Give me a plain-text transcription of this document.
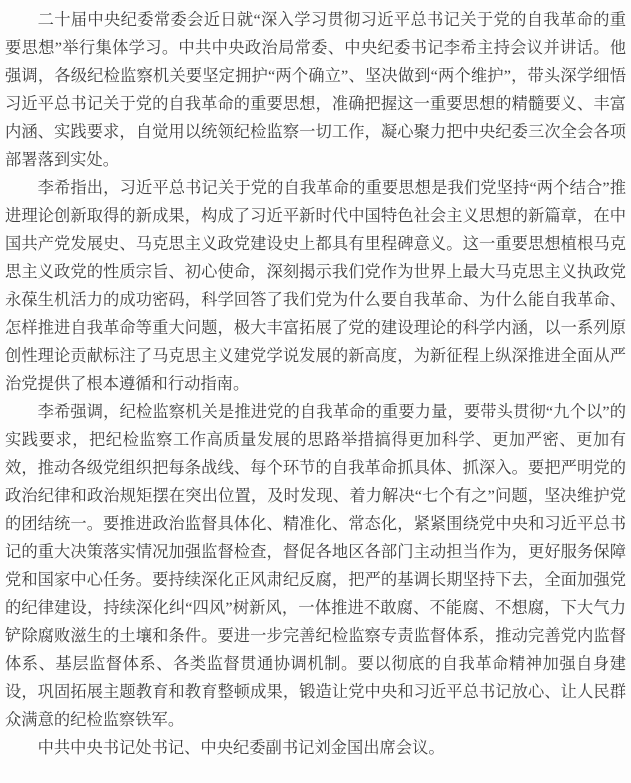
二十届中央纪委常委会近日就“深入学习贯彻习近平总书记关于党的自我革命的重要思想”举行集体学习。中共中央政治局常委、中央纪委书记李希主持会议并讲话。他强调，各级纪检监察机关要坚定拥护“两个确立”、坚决做到“两个维护”，带头深学细悟习近平总书记关于党的自我革命的重要思想，准确把握这一重要思想的精髓要义、丰富内涵、实践要求，自觉用以统领纪检监察一切工作，凝心聚力把中央纪委三次全会各项部署落到实处。

李希指出，习近平总书记关于党的自我革命的重要思想是我们党坚持“两个结合”推进理论创新取得的新成果，构成了习近平新时代中国特色社会主义思想的新篇章，在中国共产党发展史、马克思主义政党建设史上都具有里程碑意义。这一重要思想植根马克思主义政党的性质宗旨、初心使命，深刻揭示我们党作为世界上最大马克思主义执政党永葆生机活力的成功密码，科学回答了我们党为什么要自我革命、为什么能自我革命、怎样推进自我革命等重大问题，极大丰富拓展了党的建设理论的科学内涵，以一系列原创性理论贡献标注了马克思主义建党学说发展的新高度，为新征程上纵深推进全面从严治党提供了根本遵循和行动指南。

李希强调，纪检监察机关是推进党的自我革命的重要力量，要带头贯彻“九个以”的实践要求，把纪检监察工作高质量发展的思路举措搞得更加科学、更加严密、更加有效，推动各级党组织把每条战线、每个环节的自我革命抓具体、抓深入。要把严明党的政治纪律和政治规矩摆在突出位置，及时发现、着力解决“七个有之”问题，坚决维护党的团结统一。要推进政治监督具体化、精准化、常态化，紧紧围绕党中央和习近平总书记的重大决策落实情况加强监督检查，督促各地区各部门主动担当作为，更好服务保障党和国家中心任务。要持续深化正风肃纪反腐，把严的基调长期坚持下去，全面加强党的纪律建设，持续深化纠“四风”树新风，一体推进不敢腐、不能腐、不想腐，下大气力铲除腐败滋生的土壤和条件。要进一步完善纪检监察专责监督体系，推动完善党内监督体系、基层监督体系、各类监督贯通协调机制。要以彻底的自我革命精神加强自身建设，巩固拓展主题教育和教育整顿成果，锻造让党中央和习近平总书记放心、让人民群众满意的纪检监察铁军。

中共中央书记处书记、中央纪委副书记刘金国出席会议。
